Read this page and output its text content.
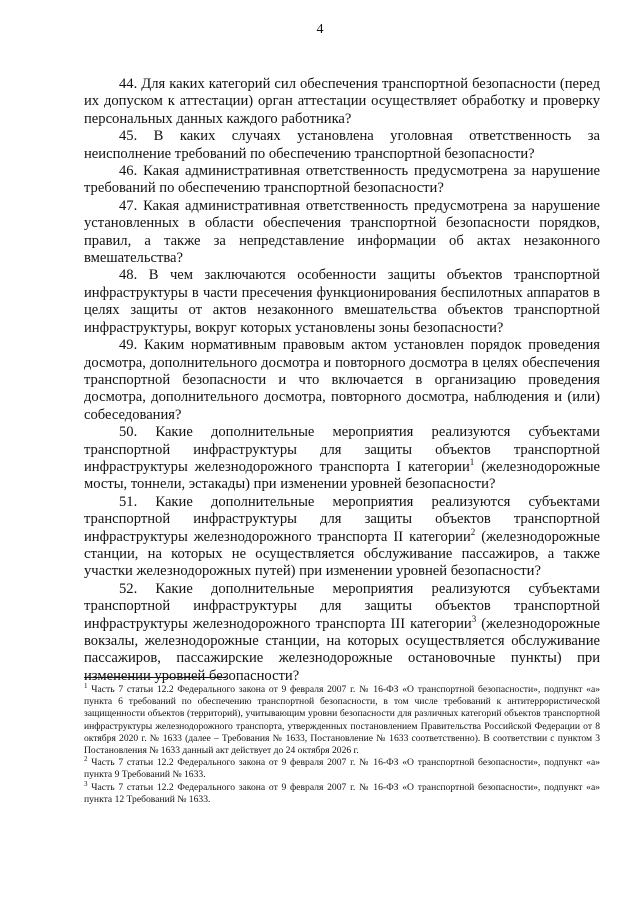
4

44. Для каких категорий сил обеспечения транспортной безопасности (перед их допуском к аттестации) орган аттестации осуществляет обработку и проверку персональных данных каждого работника?

45. В каких случаях установлена уголовная ответственность за неисполнение требований по обеспечению транспортной безопасности?

46. Какая административная ответственность предусмотрена за нарушение требований по обеспечению транспортной безопасности?

47. Какая административная ответственность предусмотрена за нарушение установленных в области обеспечения транспортной безопасности порядков, правил, а также за непредставление информации об актах незаконного вмешательства?

48. В чем заключаются особенности защиты объектов транспортной инфраструктуры в части пресечения функционирования беспилотных аппаратов в целях защиты от актов незаконного вмешательства объектов транспортной инфраструктуры, вокруг которых установлены зоны безопасности?

49. Каким нормативным правовым актом установлен порядок проведения досмотра, дополнительного досмотра и повторного досмотра в целях обеспечения транспортной безопасности и что включается в организацию проведения досмотра, дополнительного досмотра, повторного досмотра, наблюдения и (или) собеседования?

50. Какие дополнительные мероприятия реализуются субъектами транспортной инфраструктуры для защиты объектов транспортной инфраструктуры железнодорожного транспорта I категории$^1$ (железнодорожные мосты, тоннели, эстакады) при изменении уровней безопасности?

51. Какие дополнительные мероприятия реализуются субъектами транспортной инфраструктуры для защиты объектов транспортной инфраструктуры железнодорожного транспорта II категории$^2$ (железнодорожные станции, на которых не осуществляется обслуживание пассажиров, а также участки железнодорожных путей) при изменении уровней безопасности?

52. Какие дополнительные мероприятия реализуются субъектами транспортной инфраструктуры для защиты объектов транспортной инфраструктуры железнодорожного транспорта III категории$^3$ (железнодорожные вокзалы, железнодорожные станции, на которых осуществляется обслуживание пассажиров, пассажирские железнодорожные остановочные пункты) при изменении уровней безопасности?

$^1$ Часть 7 статьи 12.2 Федерального закона от 9 февраля 2007 г. № 16-ФЗ «О транспортной безопасности», подпункт «а» пункта 6 требований по обеспечению транспортной безопасности, в том числе требований к антитеррористической защищенности объектов (территорий), учитывающим уровни безопасности для различных категорий объектов транспортной инфраструктуры железнодорожного транспорта, утвержденных постановлением Правительства Российской Федерации от 8 октября 2020 г. № 1633 (далее – Требования № 1633, Постановление № 1633 соответственно). В соответствии с пунктом 3 Постановления № 1633 данный акт действует до 24 октября 2026 г.

$^2$ Часть 7 статьи 12.2 Федерального закона от 9 февраля 2007 г. № 16-ФЗ «О транспортной безопасности», подпункт «а» пункта 9 Требований № 1633.

$^3$ Часть 7 статьи 12.2 Федерального закона от 9 февраля 2007 г. № 16-ФЗ «О транспортной безопасности», подпункт «а» пункта 12 Требований № 1633.
